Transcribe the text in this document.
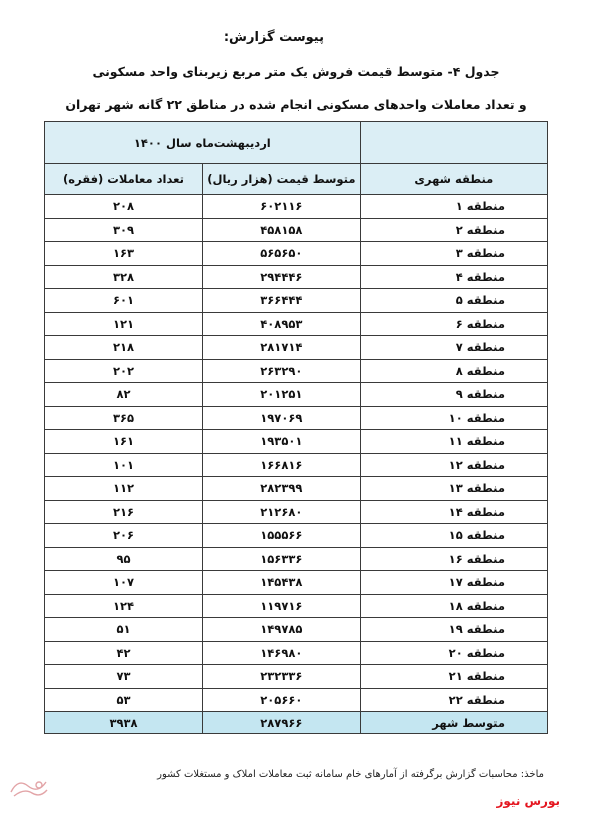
پیوست گزارش:
جدول ۴- متوسط قیمت فروش یک متر مربع زیربنای واحد مسکونی
و تعداد معاملات واحدهای مسکونی انجام شده در مناطق ۲۲ گانه شهر تهران
	اردیبهشت‌ماه سال ۱۴۰۰	
منطقه شهری	متوسط قیمت (هزار ریال)	تعداد معاملات (فقره)
منطقه ۱	۶۰۲۱۱۶	۲۰۸
منطقه ۲	۴۵۸۱۵۸	۳۰۹
منطقه ۳	۵۶۵۶۵۰	۱۶۳
منطقه ۴	۲۹۴۴۴۶	۳۲۸
منطقه ۵	۳۶۶۴۴۴	۶۰۱
منطقه ۶	۴۰۸۹۵۳	۱۲۱
منطقه ۷	۲۸۱۷۱۴	۲۱۸
منطقه ۸	۲۶۳۲۹۰	۲۰۲
منطقه ۹	۲۰۱۲۵۱	۸۲
منطقه ۱۰	۱۹۷۰۶۹	۳۶۵
منطقه ۱۱	۱۹۳۵۰۱	۱۶۱
منطقه ۱۲	۱۶۶۸۱۶	۱۰۱
منطقه ۱۳	۲۸۲۳۹۹	۱۱۲
منطقه ۱۴	۲۱۲۶۸۰	۲۱۶
منطقه ۱۵	۱۵۵۵۶۶	۲۰۶
منطقه ۱۶	۱۵۶۳۳۶	۹۵
منطقه ۱۷	۱۴۵۴۳۸	۱۰۷
منطقه ۱۸	۱۱۹۷۱۶	۱۲۴
منطقه ۱۹	۱۴۹۷۸۵	۵۱
منطقه ۲۰	۱۴۶۹۸۰	۴۲
منطقه ۲۱	۲۳۲۳۳۶	۷۳
منطقه ۲۲	۲۰۵۶۶۰	۵۳
متوسط شهر	۲۸۷۹۶۶	۳۹۳۸
ماخذ: محاسبات گزارش برگرفته از آمارهای خام سامانه ثبت معاملات املاک و مستغلات کشور
بورس نیوز
